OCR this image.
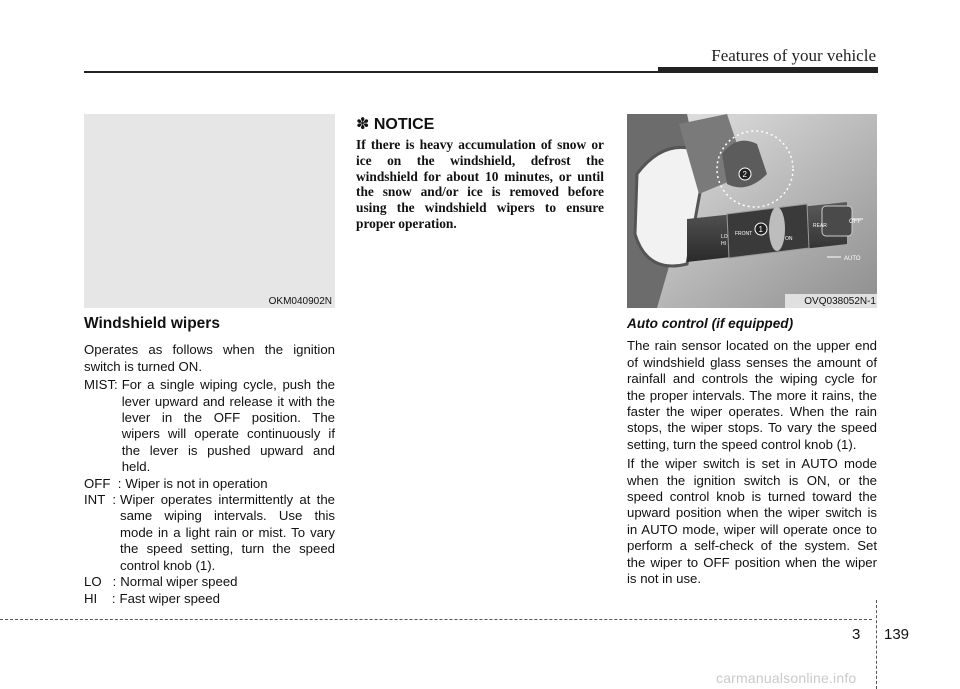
Features of your vehicle
OKM040902N
OFF
AUTO
FRONT
ON
REAR
LO
HI
2
1
OVQ038052N-1
Windshield wipers

Operates as follows when the ignition switch is turned ON.

MIST: For a single wiping cycle, push the lever upward and release it with the lever in the OFF position. The wipers will operate continuously if the lever is pushed upward and held.
OFF  : Wiper is not in operation
INT  : Wiper operates intermittently at the same wiping intervals. Use this mode in a light rain or mist. To vary the speed setting, turn the speed control knob (1).
LO   : Normal wiper speed
HI    : Fast wiper speed
✽ NOTICE

If there is heavy accumulation of snow or ice on the windshield, defrost the windshield for about 10 minutes, or until the snow and/or ice is removed before using the windshield wipers to ensure proper operation.

Auto control (if equipped)

The rain sensor located on the upper end of windshield glass senses the amount of rainfall and controls the wiping cycle for the proper intervals. The more it rains, the faster the wiper operates. When the rain stops, the wiper stops. To vary the speed setting, turn the speed control knob (1).

If the wiper switch is set in AUTO mode when the ignition switch is ON, or the speed control knob is turned toward the upward position when the wiper switch is in AUTO mode, wiper will operate once to perform a self-check of the system. Set the wiper to OFF position when the wiper is not in use.

3 139
carmanualsonline.info
